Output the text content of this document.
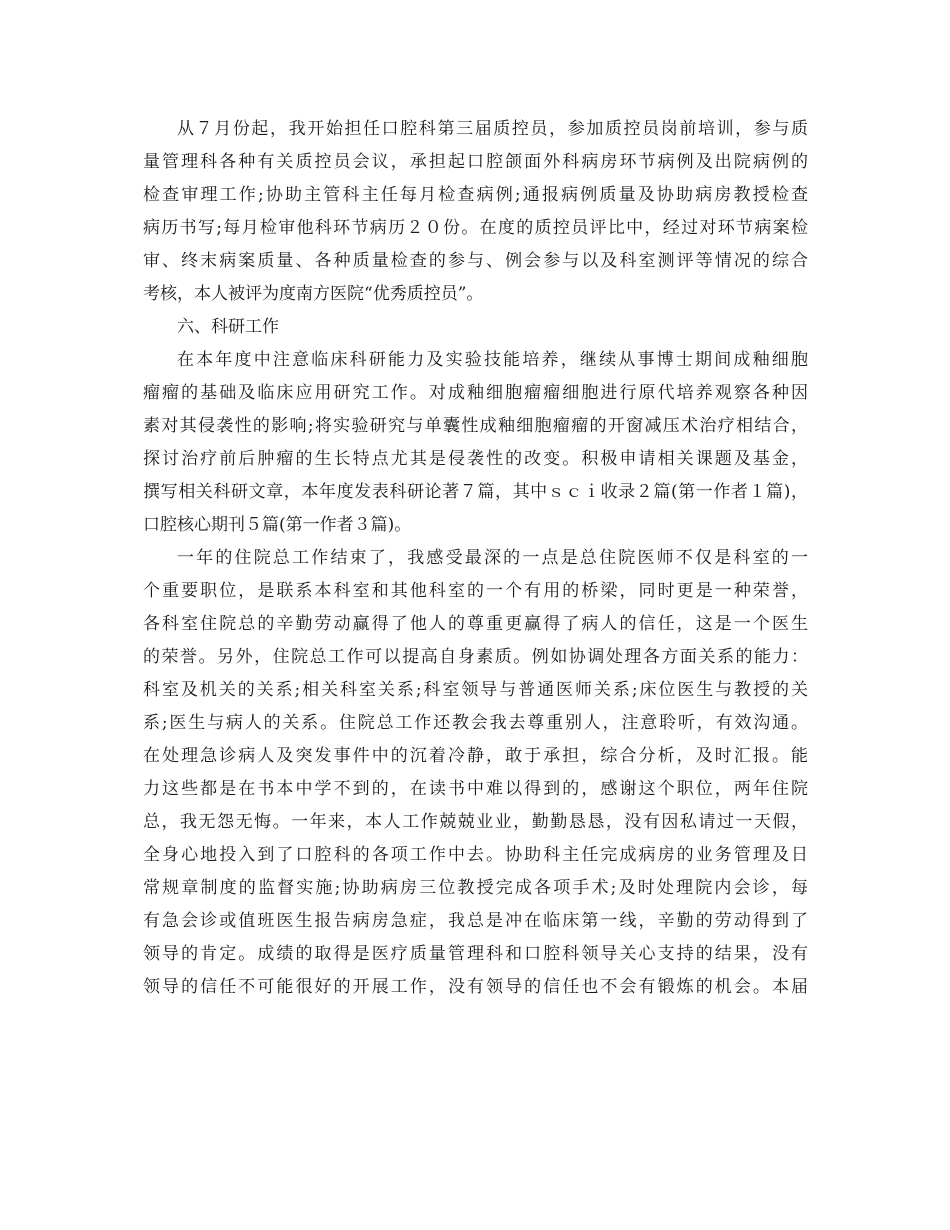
从７月份起，我开始担任口腔科第三届质控员，参加质控员岗前培训，参与质
量管理科各种有关质控员会议，承担起口腔颌面外科病房环节病例及出院病例的
检查审理工作;协助主管科主任每月检查病例;通报病例质量及协助病房教授检查
病历书写;每月检审他科环节病历２０份。在度的质控员评比中，经过对环节病案检
审、终末病案质量、各种质量检查的参与、例会参与以及科室测评等情况的综合
考核，本人被评为度南方医院“优秀质控员”。
六、科研工作
在本年度中注意临床科研能力及实验技能培养，继续从事博士期间成釉细胞
瘤瘤的基础及临床应用研究工作。对成釉细胞瘤瘤细胞进行原代培养观察各种因
素对其侵袭性的影响;将实验研究与单囊性成釉细胞瘤瘤的开窗减压术治疗相结合，
探讨治疗前后肿瘤的生长特点尤其是侵袭性的改变。积极申请相关课题及基金，
撰写相关科研文章，本年度发表科研论著７篇，其中ｓｃｉ收录２篇(第一作者１篇)，
口腔核心期刊５篇(第一作者３篇)。
一年的住院总工作结束了，我感受最深的一点是总住院医师不仅是科室的一
个重要职位，是联系本科室和其他科室的一个有用的桥梁，同时更是一种荣誉，
各科室住院总的辛勤劳动赢得了他人的尊重更赢得了病人的信任，这是一个医生
的荣誉。另外，住院总工作可以提高自身素质。例如协调处理各方面关系的能力：
科室及机关的关系;相关科室关系;科室领导与普通医师关系;床位医生与教授的关
系;医生与病人的关系。住院总工作还教会我去尊重别人，注意聆听，有效沟通。
在处理急诊病人及突发事件中的沉着冷静，敢于承担，综合分析，及时汇报。能
力这些都是在书本中学不到的，在读书中难以得到的，感谢这个职位，两年住院
总，我无怨无悔。一年来，本人工作兢兢业业，勤勤恳恳，没有因私请过一天假，
全身心地投入到了口腔科的各项工作中去。协助科主任完成病房的业务管理及日
常规章制度的监督实施;协助病房三位教授完成各项手术;及时处理院内会诊，每
有急会诊或值班医生报告病房急症，我总是冲在临床第一线，辛勤的劳动得到了
领导的肯定。成绩的取得是医疗质量管理科和口腔科领导关心支持的结果，没有
领导的信任不可能很好的开展工作，没有领导的信任也不会有锻炼的机会。本届
